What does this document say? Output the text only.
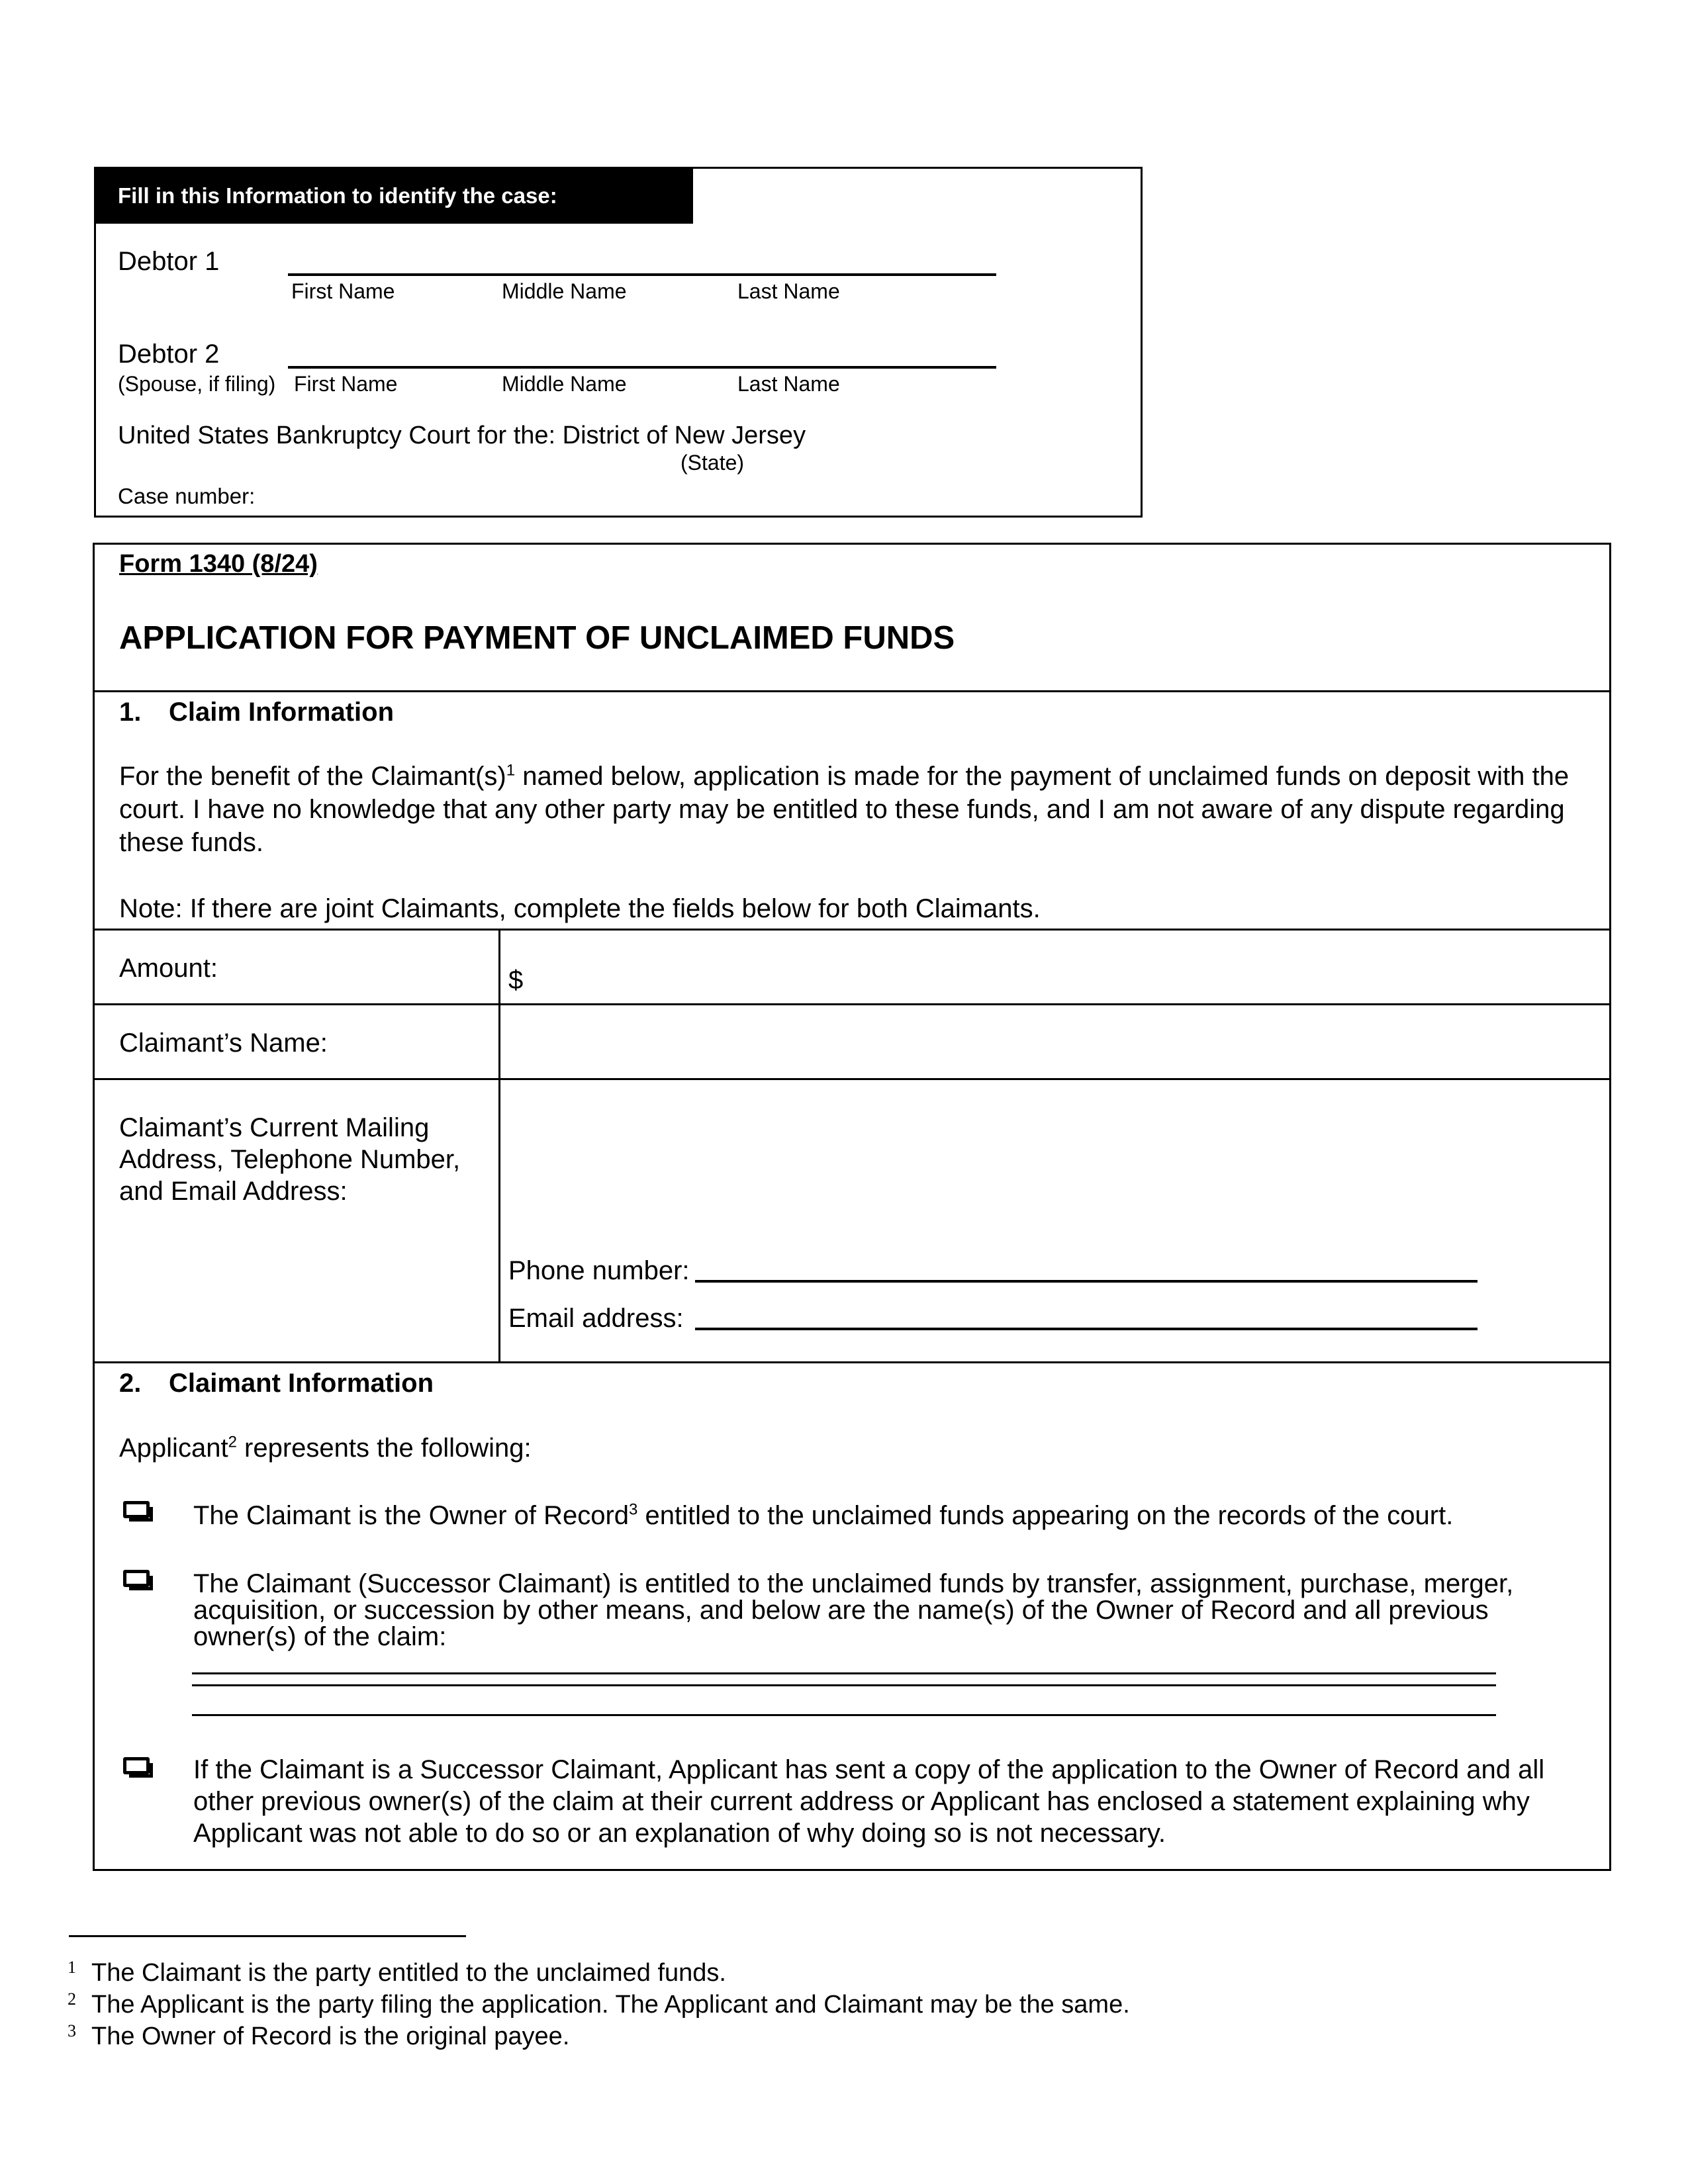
Fill in this Information to identify the case:
Debtor 1
First Name	Middle Name	Last Name
Debtor 2
(Spouse, if filing) First Name	Middle Name	Last Name
United States Bankruptcy Court for the: District of New Jersey
(State)
Case number:
Form 1340 (8/24)
APPLICATION FOR PAYMENT OF UNCLAIMED FUNDS
1. Claim Information
For the benefit of the $Claimant(s)^1$ named below, application is made for the payment of unclaimed funds on deposit with the court. I have no knowledge that any other party may be entitled to these funds, and I am not aware of any dispute regarding these funds.
Note: If there are joint Claimants, complete the fields below for both Claimants.
Amount:	$
Claimant’s Name:
Claimant’s Current Mailing Address, Telephone Number, and Email Address:
Phone number:
Email address:
2. Claimant Information
Applicant$^2$ represents the following:
The Claimant is the Owner of Record$^3$ entitled to the unclaimed funds appearing on the records of the court.
The Claimant (Successor Claimant) is entitled to the unclaimed funds by transfer, assignment, purchase, merger, acquisition, or succession by other means, and below are the name(s) of the Owner of Record and all previous owner(s) of the claim:
If the Claimant is a Successor Claimant, Applicant has sent a copy of the application to the Owner of Record and all other previous owner(s) of the claim at their current address or Applicant has enclosed a statement explaining why Applicant was not able to do so or an explanation of why doing so is not necessary.
1 The Claimant is the party entitled to the unclaimed funds.
2 The Applicant is the party filing the application. The Applicant and Claimant may be the same.
3 The Owner of Record is the original payee.
